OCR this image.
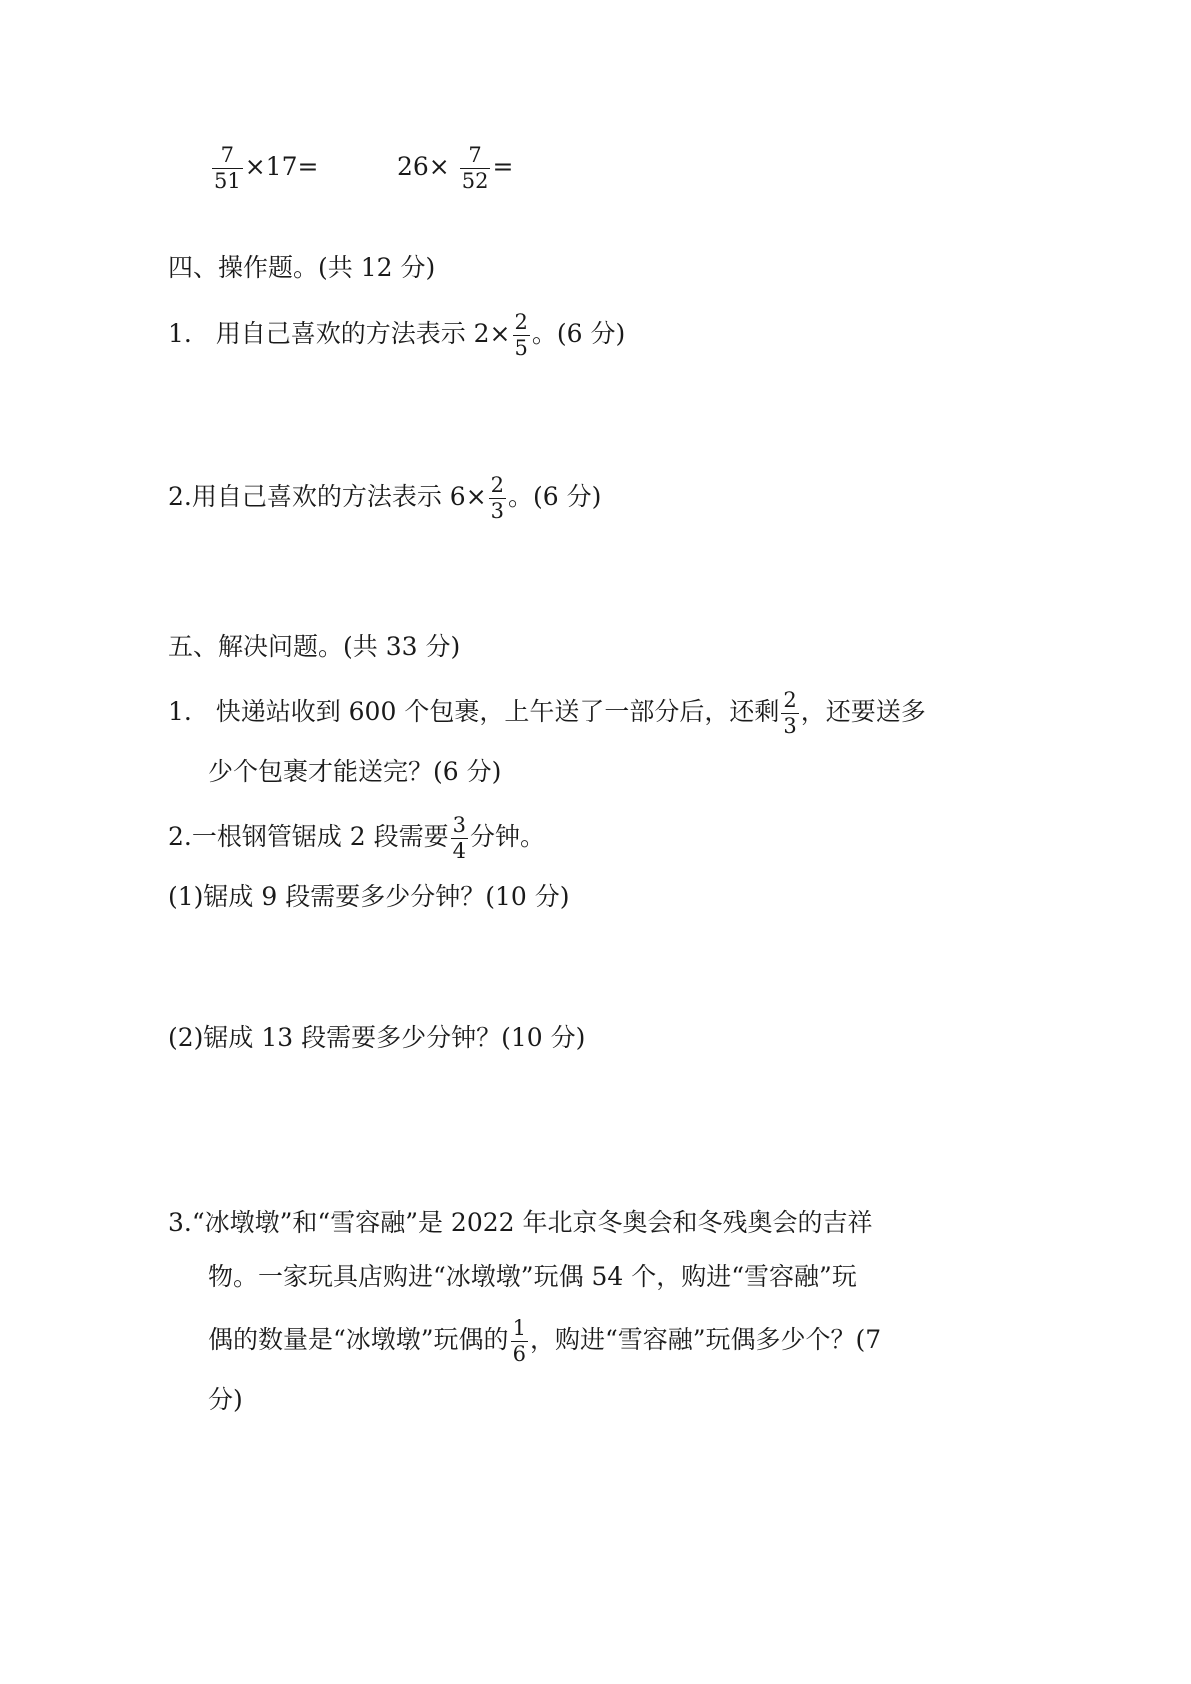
$\frac{7}{51} \times 17=$	$26\times \frac{7}{52}$ =
四、操作题。(共 12 分)
1. 用自己喜欢的方法表示 $2\times \frac{2}{5}$ 。(6 分)
2.用自己喜欢的方法表示 $6\times \frac{2}{3}$ 。(6 分)
五、解决问题。(共 33 分)
1. 快递站收到 600 个包裹，上午送了一部分后，还剩 $\frac{2}{3}$ ，还要送多
少个包裹才能送完？(6 分)
2.一根钢管锯成 2 段需要 $\frac{3}{4}$ 分钟。
(1)锯成 9 段需要多少分钟？(10 分)
(2)锯成 13 段需要多少分钟？(10 分)
3.“冰墩墩”和“雪容融”是 2022 年北京冬奥会和冬残奥会的吉祥
物。一家玩具店购进“冰墩墩”玩偶 54 个，购进“雪容融”玩
偶的数量是“冰墩墩”玩偶的 $\frac{1}{6}$ ，购进“雪容融”玩偶多少个？(7
分)
